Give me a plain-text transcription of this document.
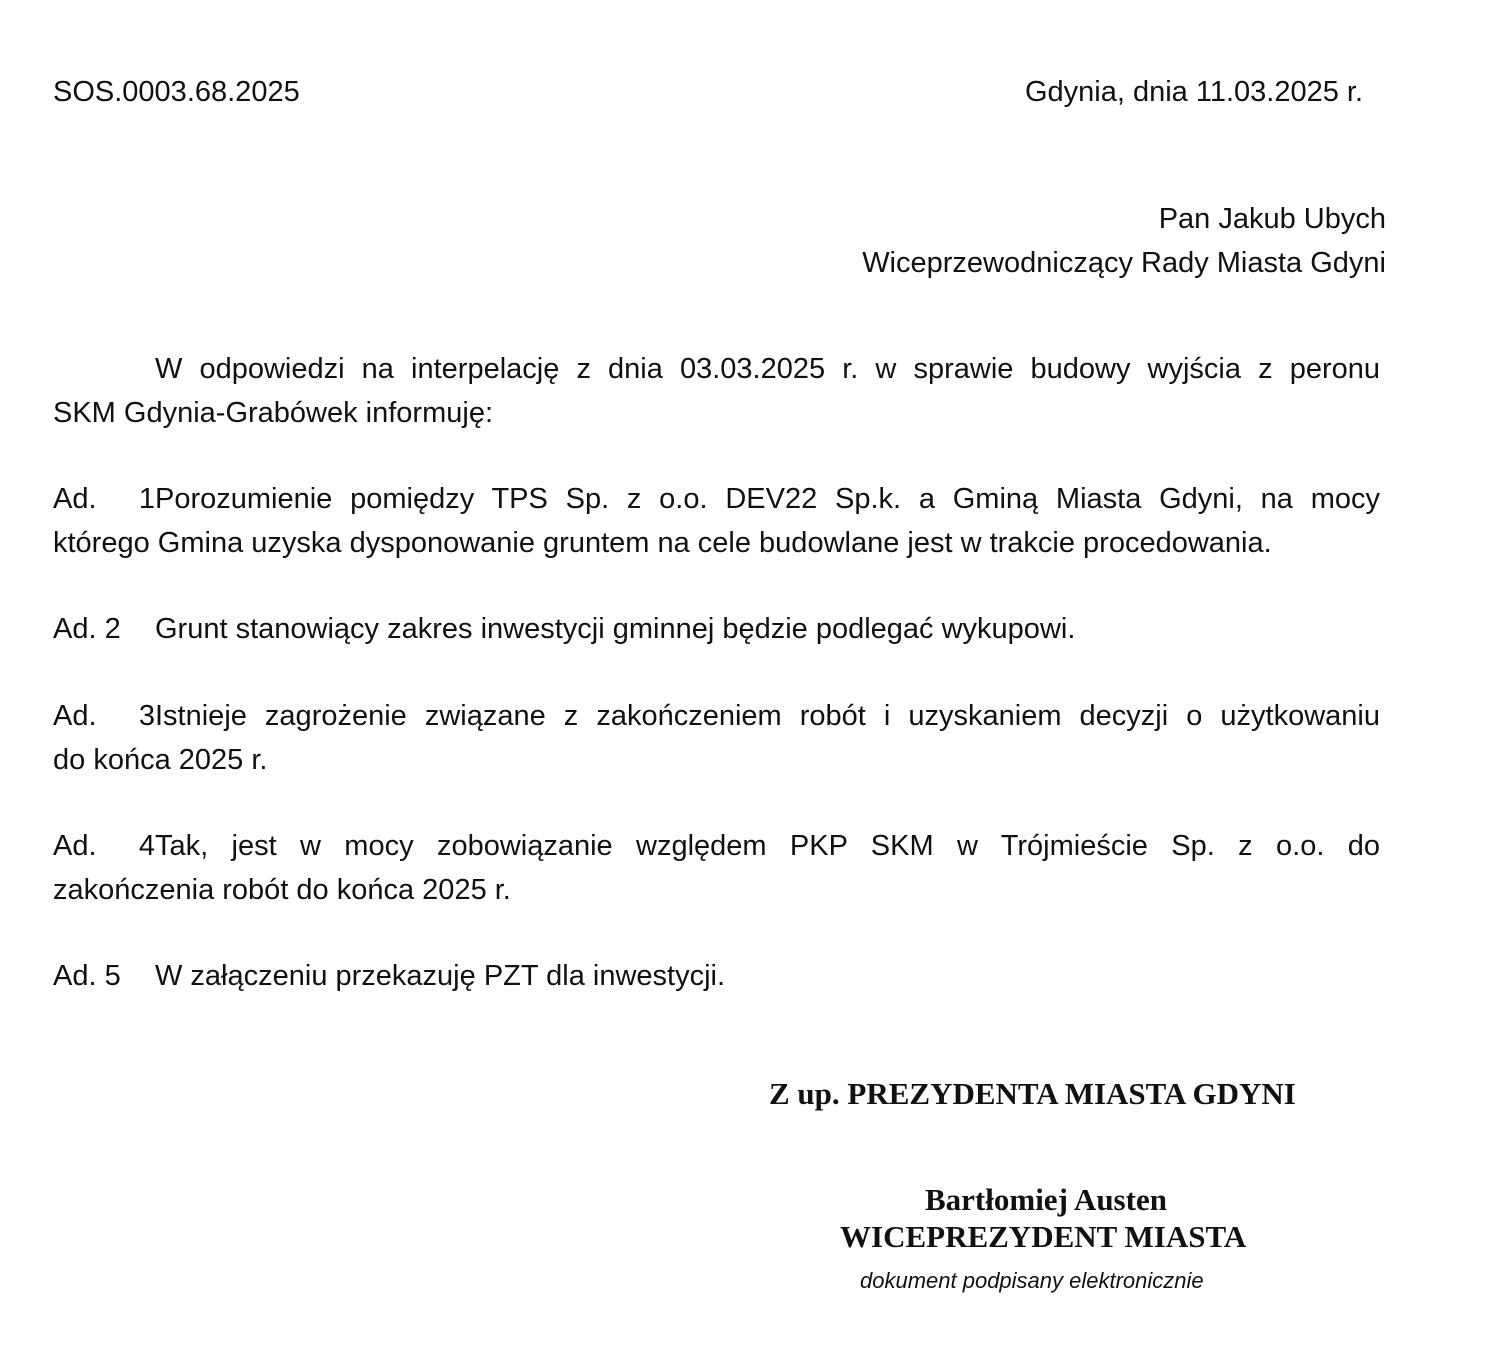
SOS.0003.68.2025	Gdynia, dnia 11.03.2025 r.
Pan Jakub Ubych
Wiceprzewodniczący Rady Miasta Gdyni
W odpowiedzi na interpelację z dnia 03.03.2025 r. w sprawie budowy wyjścia z peronu
SKM Gdynia-Grabówek informuję:
Ad. 1Porozumienie pomiędzy TPS Sp. z o.o. DEV22 Sp.k. a Gminą Miasta Gdyni, na mocy
którego Gmina uzyska dysponowanie gruntem na cele budowlane jest w trakcie procedowania.
Ad. 2 Grunt stanowiący zakres inwestycji gminnej będzie podlegać wykupowi.
Ad. 3Istnieje zagrożenie związane z zakończeniem robót i uzyskaniem decyzji o użytkowaniu
do końca 2025 r.
Ad. 4Tak, jest w mocy zobowiązanie względem PKP SKM w Trójmieście Sp. z o.o. do
zakończenia robót do końca 2025 r.
Ad. 5 W załączeniu przekazuję PZT dla inwestycji.
Z up. PREZYDENTA MIASTA GDYNI
Bartłomiej Austen
WICEPREZYDENT MIASTA
dokument podpisany elektronicznie
